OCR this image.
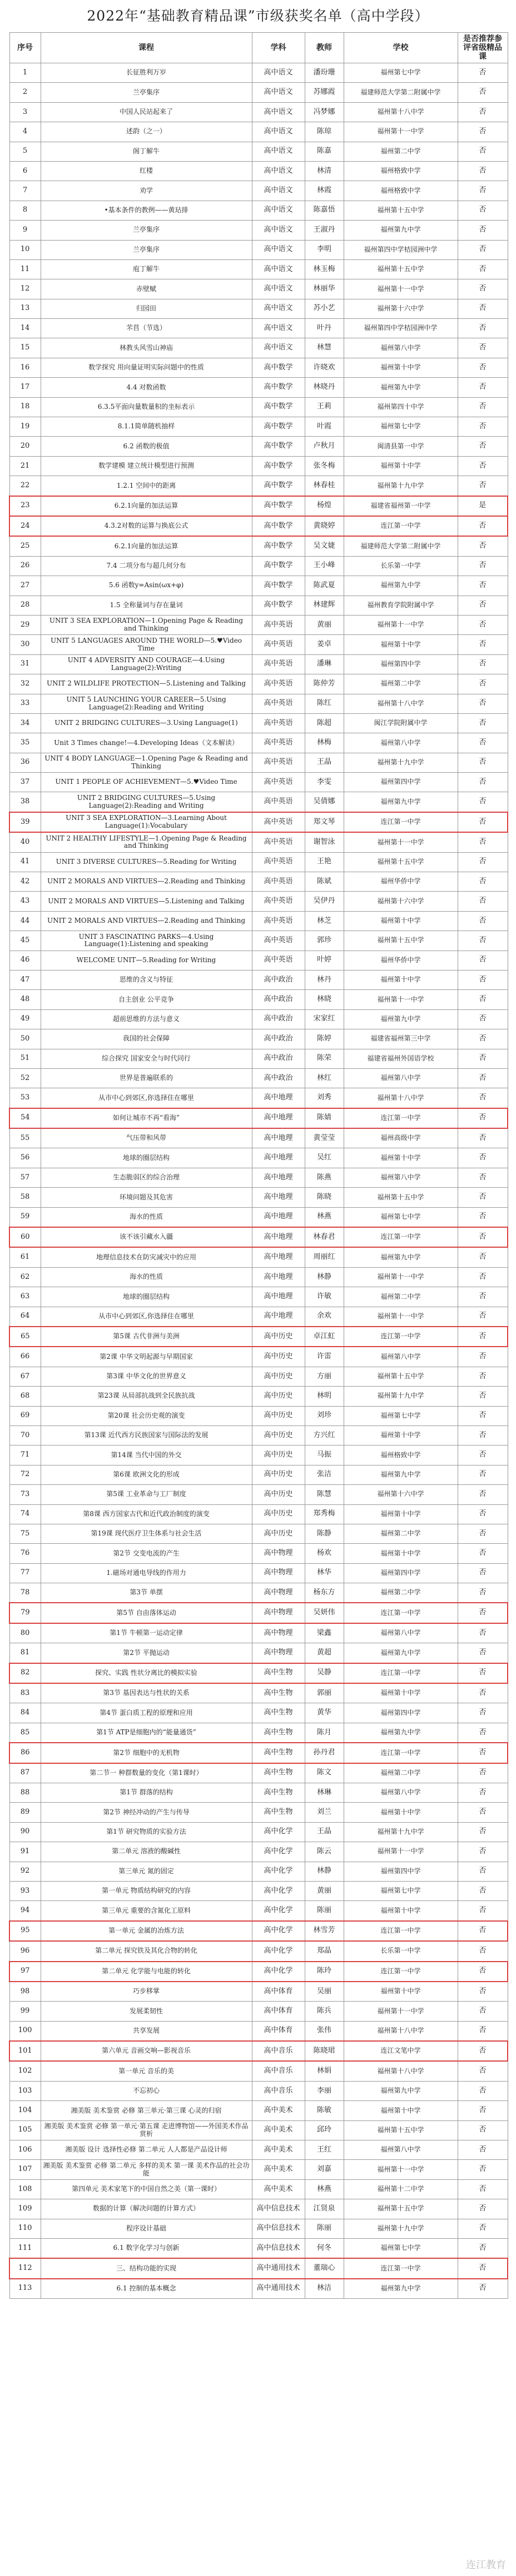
2022年“基础教育精品课”市级获奖名单（高中学段）
序号	课程	学科	教师	学校	是否推荐参评省级精品课
1	长征胜利万岁	高中语文	潘玢珊	福州第七中学	否
2	兰亭集序	高中语文	苏娜霞	福建师范大学第二附属中学	否
3	中国人民站起来了	高中语文	冯梦娜	福州第十八中学	否
4	述韵（之一）	高中语文	陈琼	福州第十一中学	否
5	阁丁解牛	高中语文	陈嘉	福州第二中学	否
6	红楼	高中语文	林清	福州格致中学	否
7	劝学	高中语文	林霞	福州格致中学	否
8	•基本条件的教例——黄玷排	高中语文	陈嘉悟	福州第十五中学	否
9	兰亭集序	高中语文	王淑丹	福州第九中学	否
10	兰亭集序	高中语文	李明	福州第四中学桔园洲中学	否
11	庖丁解牛	高中语文	林玉梅	福州第十五中学	否
12	赤壁赋	高中语文	林丽华	福州第十一中学	否
13	归园田	高中语文	苏小艺	福州第十六中学	否
14	芣苢（节选）	高中语文	叶丹	福州第四中学桔园洲中学	否
15	林教头风雪山神庙	高中语文	林慧	福州第八中学	否
16	数学探究 用向量证明实际问题中的性质	高中数学	许晓欢	福州第十中学	否
17	4.4 对数函数	高中数学	林晓丹	福州第九中学	否
18	6.3.5平面向量数量积的坐标表示	高中数学	王莉	福州第四十中学	否
19	8.1.1简单随机抽样	高中数学	叶霞	福州第七中学	否
20	6.2 函数的极值	高中数学	卢秋月	闽清县第一中学	否
21	数学建模 建立统计模型进行预测	高中数学	张冬梅	福州第十中学	否
22	1.2.1 空间中的距离	高中数学	林春桂	福州第十九中学	否
23	6.2.1向量的加法运算	高中数学	杨煌	福建省福州第一中学	是
24	4.3.2对数的运算与换底公式	高中数学	黄晓婷	连江第一中学	否
25	6.2.1向量的加法运算	高中数学	吴文婕	福建师范大学第二附属中学	否
26	7.4 二项分布与超几何分布	高中数学	王小峰	长乐第一中学	否
27	5.6 函数y=Asin(ωx+φ)	高中数学	陈武夏	福州第九中学	否
28	1.5 全称量词与存在量词	高中数学	林建辉	福州教育学院附属中学	否
29	UNIT 3 SEA EXPLORATION—1.Opening Page & Reading and Thinking	高中英语	黄丽	福州第十一中学	否
30	UNIT 5 LANGUAGES AROUND THE WORLD—5.♥Video Time	高中英语	姜卓	福州第十中学	否
31	UNIT 4 ADVERSITY AND COURAGE—4.Using Language(2):Writing	高中英语	潘琳	福州第四中学	否
32	UNIT 2 WILDLIFE PROTECTION—5.Listening and Talking	高中英语	陈仲芳	福州第二中学	否
33	UNIT 5 LAUNCHING YOUR CAREER—5.Using Language(2):Reading and Writing	高中英语	陈红	福州第十八中学	否
34	UNIT 2 BRIDGING CULTURES—3.Using Language(1)	高中英语	陈超	闽江学院附属中学	否
35	Unit 3 Times change!—4.Developing Ideas（文本解读）	高中英语	林梅	福州第八中学	否
36	UNIT 4 BODY LANGUAGE—1.Opening Page & Reading and Thinking	高中英语	王晶	福州第十九中学	否
37	UNIT 1 PEOPLE OF ACHIEVEMENT—5.♥Video Time	高中英语	李雯	福州第四中学	否
38	UNIT 2 BRIDGING CULTURES—5.Using Language(2):Reading and Writing	高中英语	吴倩娜	福州第九中学	否
39	UNIT 3 SEA EXPLORATION—3.Learning About Language(1):Vocabulary	高中英语	郑文琴	连江第一中学	否
40	UNIT 2 HEALTHY LIFESTYLE—1.Opening Page & Reading and Thinking	高中英语	谢智泳	福州第十一中学	否
41	UNIT 3 DIVERSE CULTURES—5.Reading for Writing	高中英语	王艳	福州第十五中学	否
42	UNIT 2 MORALS AND VIRTUES—2.Reading and Thinking	高中英语	陈斌	福州华侨中学	否
43	UNIT 2 MORALS AND VIRTUES—5.Listening and Talking	高中英语	吴伊丹	福州第十六中学	否
44	UNIT 2 MORALS AND VIRTUES—2.Reading and Thinking	高中英语	林芝	福州第十中学	否
45	UNIT 3 FASCINATING PARKS—4.Using Language(1):Listening and speaking	高中英语	郭珍	福州第十五中学	否
46	WELCOME UNIT—5.Reading for Writing	高中英语	叶婷	福州华侨中学	否
47	思维的含义与特征	高中政治	林丹	福州第十中学	否
48	自主创业 公平竞争	高中政治	林晓	福州第十一中学	否
49	超前思维的方法与意义	高中政治	宋家红	福州第九中学	否
50	我国的社会保障	高中政治	陈婷	福建省福州第三中学	否
51	综合探究 国家安全与时代同行	高中政治	陈荣	福建省福州外国语学校	否
52	世界是普遍联系的	高中政治	林红	福州第八中学	否
53	从市中心到郊区,你选择住在哪里	高中地理	刘秀	福州第十八中学	否
54	如何让城市不再“看海”	高中地理	陈婧	连江第一中学	否
55	气压带和风带	高中地理	黄莹莹	福州高级中学	否
56	地球的圈层结构	高中地理	吴红	福州第十中学	否
57	生态脆弱区的综合治理	高中地理	陈燕	福州第八中学	否
58	环境问题及其危害	高中地理	陈晓	福州第十五中学	否
59	海水的性质	高中地理	林燕	福州第七中学	否
60	该不该引藏水入疆	高中地理	林春君	连江第一中学	否
61	地理信息技术在防灾减灾中的应用	高中地理	周丽红	福州第九中学	否
62	海水的性质	高中地理	林静	福州第十一中学	否
63	地球的圈层结构	高中地理	许敏	福州第二中学	否
64	从市中心到郊区,你选择住在哪里	高中地理	余欢	福州第十一中学	否
65	第5课 古代非洲与美洲	高中历史	卓江虹	连江第一中学	否
66	第2课 中华文明起源与早期国家	高中历史	许雷	福州第八中学	否
67	第3课 中华文化的世界意义	高中历史	方丽	福州第十五中学	否
68	第23课 从局部抗战到全民族抗战	高中历史	林明	福州第十九中学	否
69	第20课 社会历史观的演变	高中历史	刘珍	福州第七中学	否
70	第13课 近代西方民族国家与国际法的发展	高中历史	方兴红	福州第十中学	否
71	第14课 当代中国的外交	高中历史	马振	福州格致中学	否
72	第6课 欧洲文化的形成	高中历史	张洁	福州第九中学	否
73	第5课 工业革命与工厂制度	高中历史	陈慧	福州第十六中学	否
74	第8课 西方国家古代和近代政治制度的演变	高中历史	郑秀梅	福州第十中学	否
75	第19课 现代医疗卫生体系与社会生活	高中历史	陈静	福州第二中学	否
76	第2节 交变电流的产生	高中物理	杨欢	福州第十中学	否
77	1.磁场对通电导线的作用力	高中物理	林华	福州第四中学	否
78	第3节 单摆	高中物理	杨东方	福州第二中学	否
79	第5节 自由落体运动	高中物理	吴妍伟	连江第一中学	否
80	第1节 牛顿第一运动定律	高中物理	梁鑫	福州第八中学	否
81	第2节 平抛运动	高中物理	黄超	福州第九中学	否
82	探究、实践 性状分离比的模拟实验	高中生物	吴静	连江第一中学	否
83	第3节 基因表达与性状的关系	高中生物	郭丽	福州第十中学	否
84	第4节 蛋白质工程的原理和应用	高中生物	黄华	福州第四中学	否
85	第1节 ATP是细胞内的“能量通货”	高中生物	陈月	福州第九中学	否
86	第2节 细胞中的无机物	高中生物	孙丹君	连江第一中学	否
87	第二节一 种群数量的变化（第1课时）	高中生物	陈文	福州第二中学	否
88	第1节 群落的结构	高中生物	林琳	福州第八中学	否
89	第2节 神经冲动的产生与传导	高中生物	刘兰	福州第十中学	否
90	第1节 研究物质的实验方法	高中化学	王晶	福州第十九中学	否
91	第二单元 溶液的酸碱性	高中化学	陈云	福州第十一中学	否
92	第三单元 氮的固定	高中化学	林静	福州第四中学	否
93	第一单元 物质结构研究的内容	高中化学	黄丽	福州第七中学	否
94	第三单元 重要的含氮化工原料	高中化学	陈丽	福州第十中学	否
95	第一单元 金属的冶炼方法	高中化学	林雪芳	连江第一中学	否
96	第二单元 探究铁及其化合物的转化	高中化学	郑晶	长乐第一中学	否
97	第二单元 化学能与电能的转化	高中化学	陈玲	连江第一中学	否
98	巧步移掌	高中体育	吴丽	福州第十中学	否
99	发展柔韧性	高中体育	陈兵	福州第十一中学	否
100	共享发展	高中体育	张伟	福州第十八中学	否
101	第六单元 音画交响—影视音乐	高中音乐	陈晓珺	连江文笔中学	否
102	第一单元 音乐的美	高中音乐	林娟	福州第十八中学	否
103	不忘初心	高中音乐	李丽	福州第九中学	否
104	湘美版 美术鉴赏 必修 第三单元·第三课 心灵的归宿	高中美术	陈敏	福州第十中学	否
105	湘美版 美术鉴赏 必修 第一单元·第五课 走进博物馆——外国美术作品赏析	高中美术	邱玲	福州第十五中学	否
106	湘美版 设计 选择性必修 第二单元 人人都是产品设计师	高中美术	王红	福州第八中学	否
107	湘美版 美术鉴赏 必修 第二单元 多样的美术 第一课 美术作品的社会功能	高中美术	刘嘉	福州第十一中学	否
108	第四单元 美术家笔下的中国自然之美（第一课时）	高中美术	林燕	福州第十二中学	否
109	数据的计算（解决问题的计算方式）	高中信息技术	江贤泉	福州第十五中学	否
110	程序设计基础	高中信息技术	陈丽	福州第十九中学	否
111	6.1 数字化学习与创新	高中信息技术	何冬	福州第七中学	否
112	三、结构功能的实现	高中通用技术	董瑞心	连江第一中学	否
113	6.1 控制的基本概念	高中通用技术	林洁	福州第九中学	否
连江教育
